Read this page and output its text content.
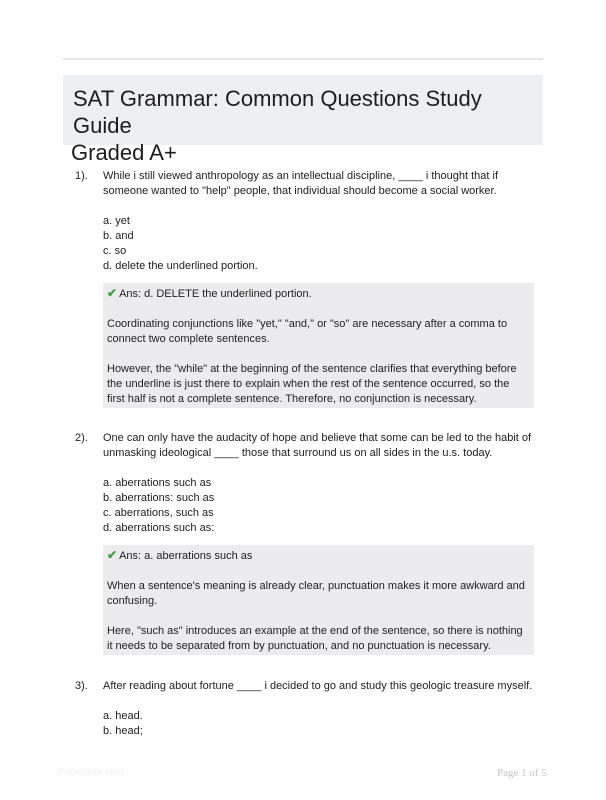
SAT Grammar: Common Questions Study Guide
Graded A+
1). While i still viewed anthropology as an intellectual discipline, ____ i thought that if someone wanted to "help" people, that individual should become a social worker.
a. yet
b. and
c. so
d. delete the underlined portion.

✔ Ans: d. DELETE the underlined portion.

Coordinating conjunctions like "yet," "and," or "so" are necessary after a comma to connect two complete sentences.

However, the "while" at the beginning of the sentence clarifies that everything before the underline is just there to explain when the rest of the sentence occurred, so the first half is not a complete sentence. Therefore, no conjunction is necessary.

2). One can only have the audacity of hope and believe that some can be led to the habit of unmasking ideological ____ those that surround us on all sides in the u.s. today.
a. aberrations such as
b. aberrations: such as
c. aberrations, such as
d. aberrations such as:

✔ Ans: a. aberrations such as

When a sentence's meaning is already clear, punctuation makes it more awkward and confusing.

Here, "such as" introduces an example at the end of the sentence, so there is nothing it needs to be separated from by punctuation, and no punctuation is necessary.

3). After reading about fortune ____ i decided to go and study this geologic treasure myself.
a. head.
b. head;
PaperNibr.com	Page 1 of 5
